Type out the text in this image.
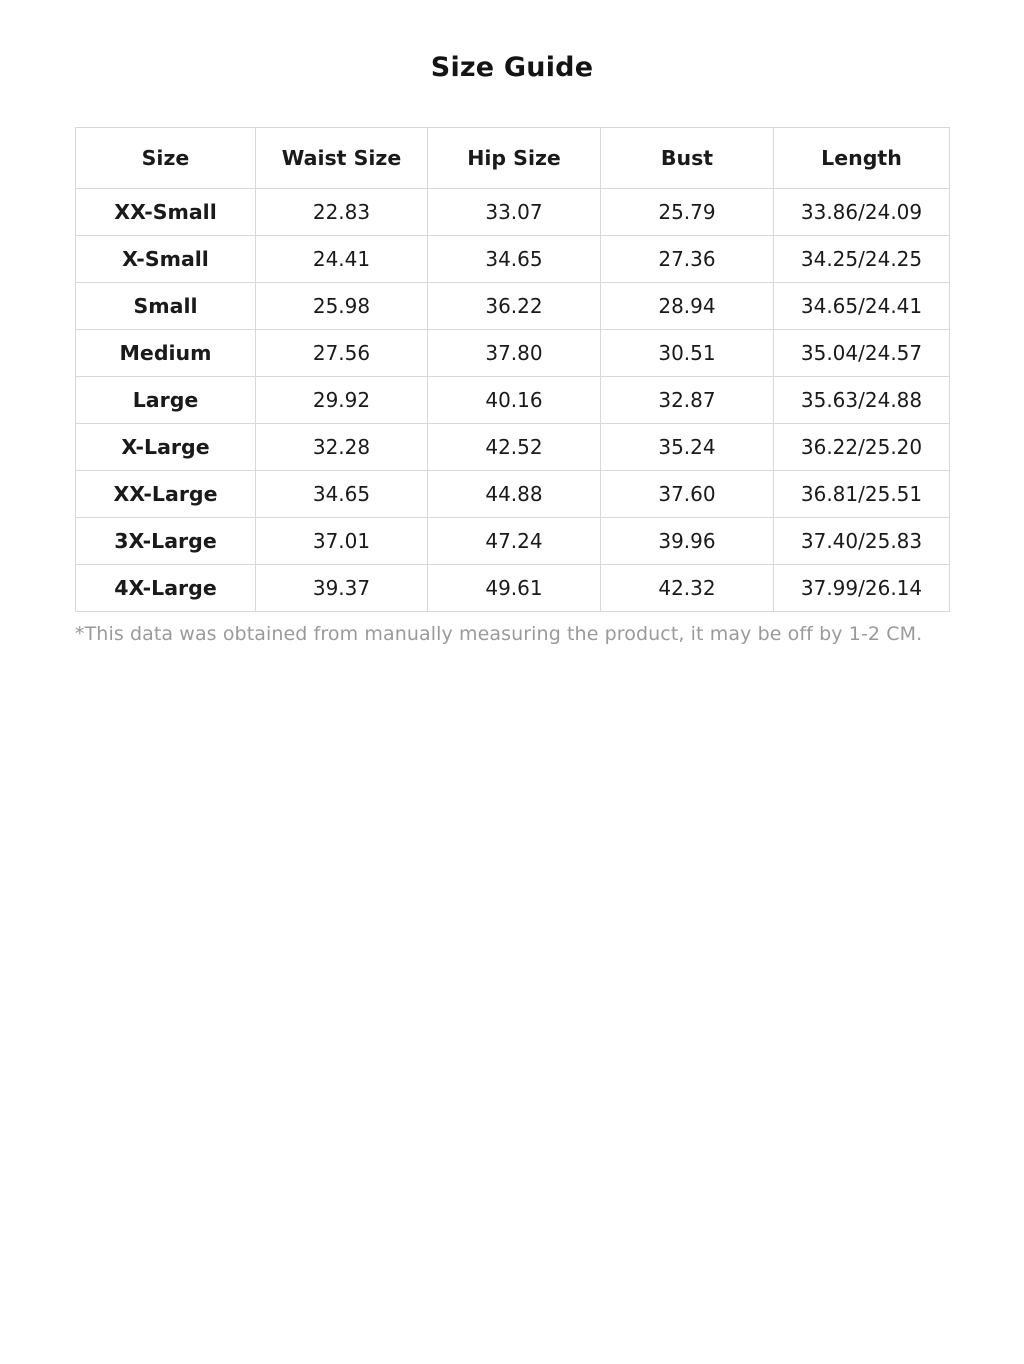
Size Guide
Size	Waist Size	Hip Size	Bust	Length
XX-Small	22.83	33.07	25.79	33.86/24.09
X-Small	24.41	34.65	27.36	34.25/24.25
Small	25.98	36.22	28.94	34.65/24.41
Medium	27.56	37.80	30.51	35.04/24.57
Large	29.92	40.16	32.87	35.63/24.88
X-Large	32.28	42.52	35.24	36.22/25.20
XX-Large	34.65	44.88	37.60	36.81/25.51
3X-Large	37.01	47.24	39.96	37.40/25.83
4X-Large	39.37	49.61	42.32	37.99/26.14
*This data was obtained from manually measuring the product, it may be off by 1-2 CM.
